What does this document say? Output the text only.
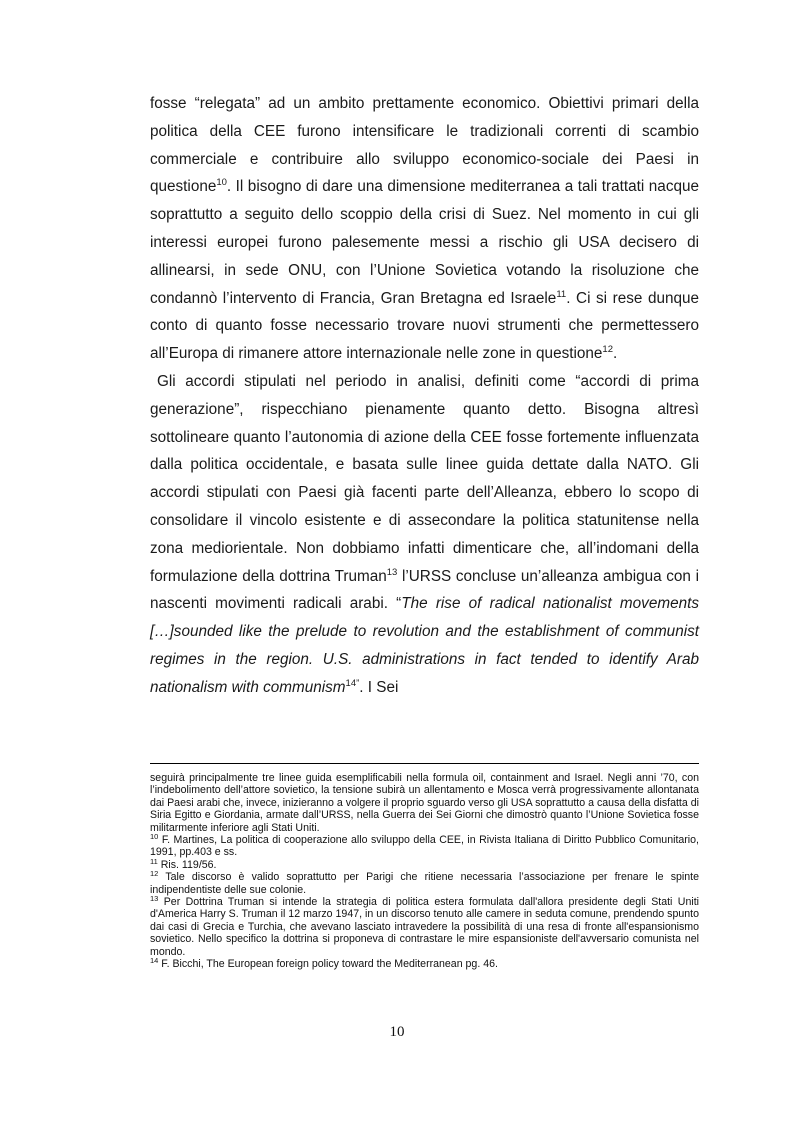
fosse “relegata” ad un ambito prettamente economico. Obiettivi primari della politica della CEE furono intensificare le tradizionali correnti di scambio commerciale e contribuire allo sviluppo economico-sociale dei Paesi in questione$^{10}$. Il bisogno di dare una dimensione mediterranea a tali trattati nacque soprattutto a seguito dello scoppio della crisi di Suez. Nel momento in cui gli interessi europei furono palesemente messi a rischio gli USA decisero di allinearsi, in sede ONU, con l’Unione Sovietica votando la risoluzione che condannò l’intervento di Francia, Gran Bretagna ed Israele$^{11}$. Ci si rese dunque conto di quanto fosse necessario trovare nuovi strumenti che permettessero all’Europa di rimanere attore internazionale nelle zone in questione$^{12}$.

Gli accordi stipulati nel periodo in analisi, definiti come “accordi di prima generazione”, rispecchiano pienamente quanto detto. Bisogna altresì sottolineare quanto l’autonomia di azione della CEE fosse fortemente influenzata dalla politica occidentale, e basata sulle linee guida dettate dalla NATO. Gli accordi stipulati con Paesi già facenti parte dell’Alleanza, ebbero lo scopo di consolidare il vincolo esistente e di assecondare la politica statunitense nella zona mediorientale. Non dobbiamo infatti dimenticare che, all’indomani della formulazione della dottrina Truman$^{13}$ l’URSS concluse un’alleanza ambigua con i nascenti movimenti radicali arabi. “The rise of radical nationalist movements […]sounded like the prelude to revolution and the establishment of communist regimes in the region. U.S. administrations in fact tended to identify Arab nationalism with communism$^{14”}$. I Sei

seguirà principalmente tre linee guida esemplificabili nella formula oil, containment and Israel. Negli anni ’70, con l’indebolimento dell’attore sovietico, la tensione subirà un allentamento e Mosca verrà progressivamente allontanata dai Paesi arabi che, invece, inizieranno a volgere il proprio sguardo verso gli USA soprattutto a causa della disfatta di Siria Egitto e Giordania, armate dall’URSS, nella Guerra dei Sei Giorni che dimostrò quanto l’Unione Sovietica fosse militarmente inferiore agli Stati Uniti.

$^{10}$ F. Martines, La politica di cooperazione allo sviluppo della CEE, in Rivista Italiana di Diritto Pubblico Comunitario, 1991, pp.403 e ss.

$^{11}$ Ris. 119/56.

$^{12}$ Tale discorso è valido soprattutto per Parigi che ritiene necessaria l’associazione per frenare le spinte indipendentiste delle sue colonie.

$^{13}$ Per Dottrina Truman si intende la strategia di politica estera formulata dall'allora presidente degli Stati Uniti d'America Harry S. Truman il 12 marzo 1947, in un discorso tenuto alle camere in seduta comune, prendendo spunto dai casi di Grecia e Turchia, che avevano lasciato intravedere la possibilità di una resa di fronte all'espansionismo sovietico. Nello specifico la dottrina si proponeva di contrastare le mire espansioniste dell'avversario comunista nel mondo.

$^{14}$ F. Bicchi, The European foreign policy toward the Mediterranean pg. 46.

10
